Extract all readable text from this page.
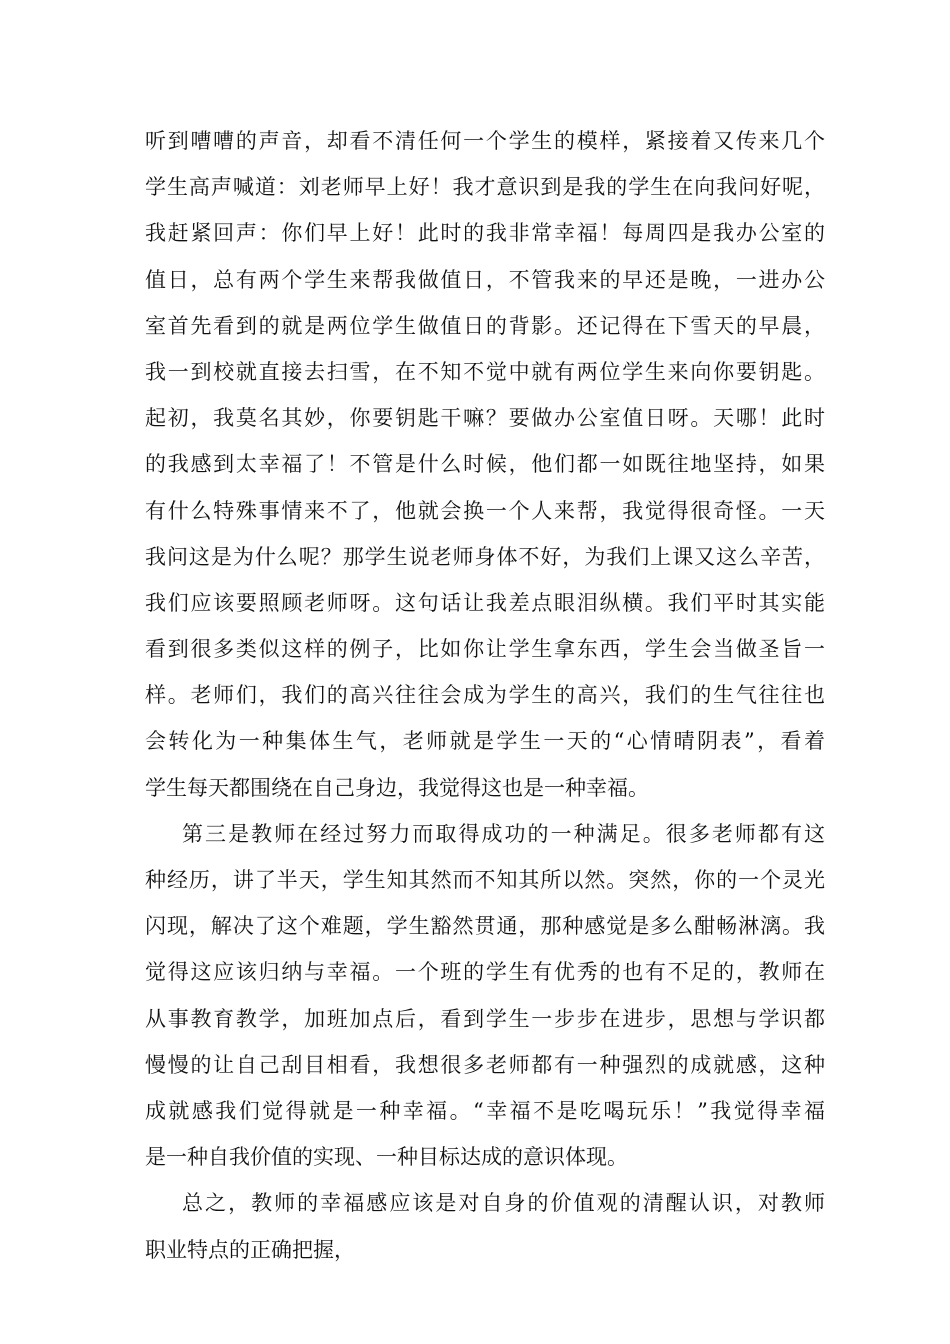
听到嘈嘈的声音，却看不清任何一个学生的模样，紧接着又传来几个
学生高声喊道：刘老师早上好！我才意识到是我的学生在向我问好呢，
我赶紧回声：你们早上好！此时的我非常幸福！每周四是我办公室的
值日，总有两个学生来帮我做值日，不管我来的早还是晚，一进办公
室首先看到的就是两位学生做值日的背影。还记得在下雪天的早晨，
我一到校就直接去扫雪，在不知不觉中就有两位学生来向你要钥匙。
起初，我莫名其妙，你要钥匙干嘛？要做办公室值日呀。天哪！此时
的我感到太幸福了！不管是什么时候，他们都一如既往地坚持，如果
有什么特殊事情来不了，他就会换一个人来帮，我觉得很奇怪。一天
我问这是为什么呢？那学生说老师身体不好，为我们上课又这么辛苦，
我们应该要照顾老师呀。这句话让我差点眼泪纵横。我们平时其实能
看到很多类似这样的例子，比如你让学生拿东西，学生会当做圣旨一
样。老师们，我们的高兴往往会成为学生的高兴，我们的生气往往也
会转化为一种集体生气，老师就是学生一天的“心情晴阴表”，看着
学生每天都围绕在自己身边，我觉得这也是一种幸福。
第三是教师在经过努力而取得成功的一种满足。很多老师都有这
种经历，讲了半天，学生知其然而不知其所以然。突然，你的一个灵光
闪现，解决了这个难题，学生豁然贯通，那种感觉是多么酣畅淋漓。我
觉得这应该归纳与幸福。一个班的学生有优秀的也有不足的，教师在
从事教育教学，加班加点后，看到学生一步步在进步，思想与学识都
慢慢的让自己刮目相看，我想很多老师都有一种强烈的成就感，这种
成就感我们觉得就是一种幸福。“幸福不是吃喝玩乐！”我觉得幸福
是一种自我价值的实现、一种目标达成的意识体现。
总之，教师的幸福感应该是对自身的价值观的清醒认识，对教师
职业特点的正确把握，
